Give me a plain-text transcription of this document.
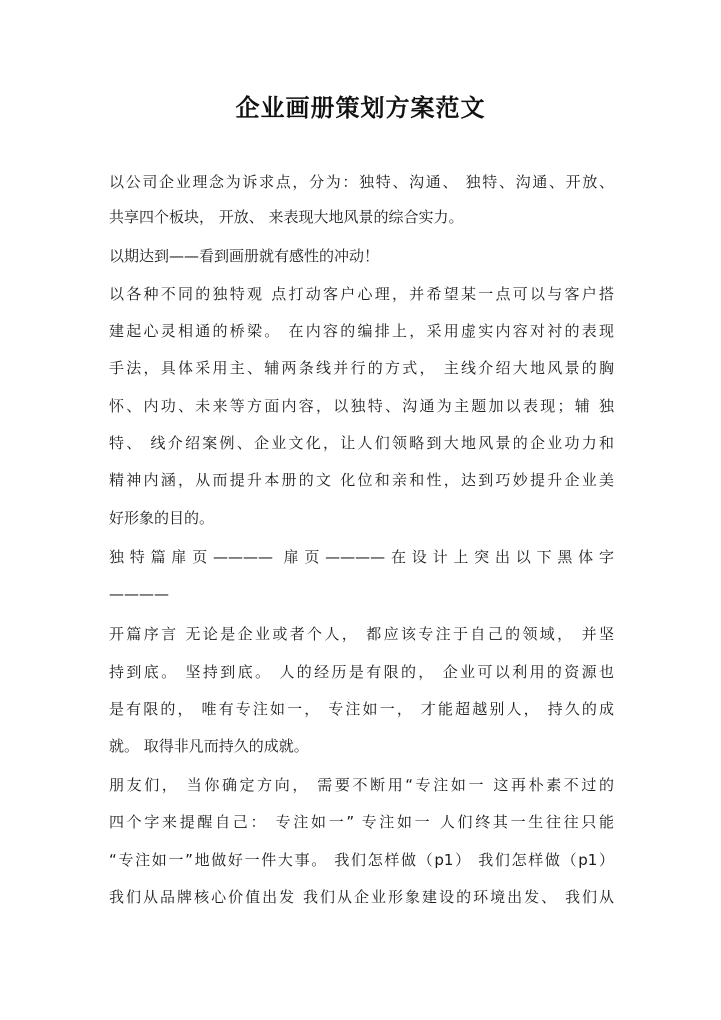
企业画册策划方案范文
以公司企业理念为诉求点，分为：独特、沟通、 独特、沟通、开放、
共享四个板块， 开放、 来表现大地风景的综合实力。
以期达到——看到画册就有感性的冲动！
以各种不同的独特观 点打动客户心理，并希望某一点可以与客户搭
建起心灵相通的桥梁。 在内容的编排上，采用虚实内容对衬的表现
手法，具体采用主、辅两条线并行的方式， 主线介绍大地风景的胸
怀、内功、未来等方面内容，以独特、沟通为主题加以表现；辅 独
特、 线介绍案例、企业文化，让人们领略到大地风景的企业功力和
精神内涵，从而提升本册的文 化位和亲和性，达到巧妙提升企业美
好形象的目的。
独特篇扉页———— 扉页————在设计上突出以下黑体字
————
开篇序言 无论是企业或者个人， 都应该专注于自己的领域， 并坚
持到底。 坚持到底。 人的经历是有限的， 企业可以利用的资源也
是有限的， 唯有专注如一， 专注如一， 才能超越别人， 持久的成
就。 取得非凡而持久的成就。
朋友们， 当你确定方向， 需要不断用“专注如一 这再朴素不过的
四个字来提醒自己： 专注如一” 专注如一 人们终其一生往往只能
“专注如一”地做好一件大事。 我们怎样做（p1） 我们怎样做（p1）
我们从品牌核心价值出发 我们从企业形象建设的环境出发、 我们从
